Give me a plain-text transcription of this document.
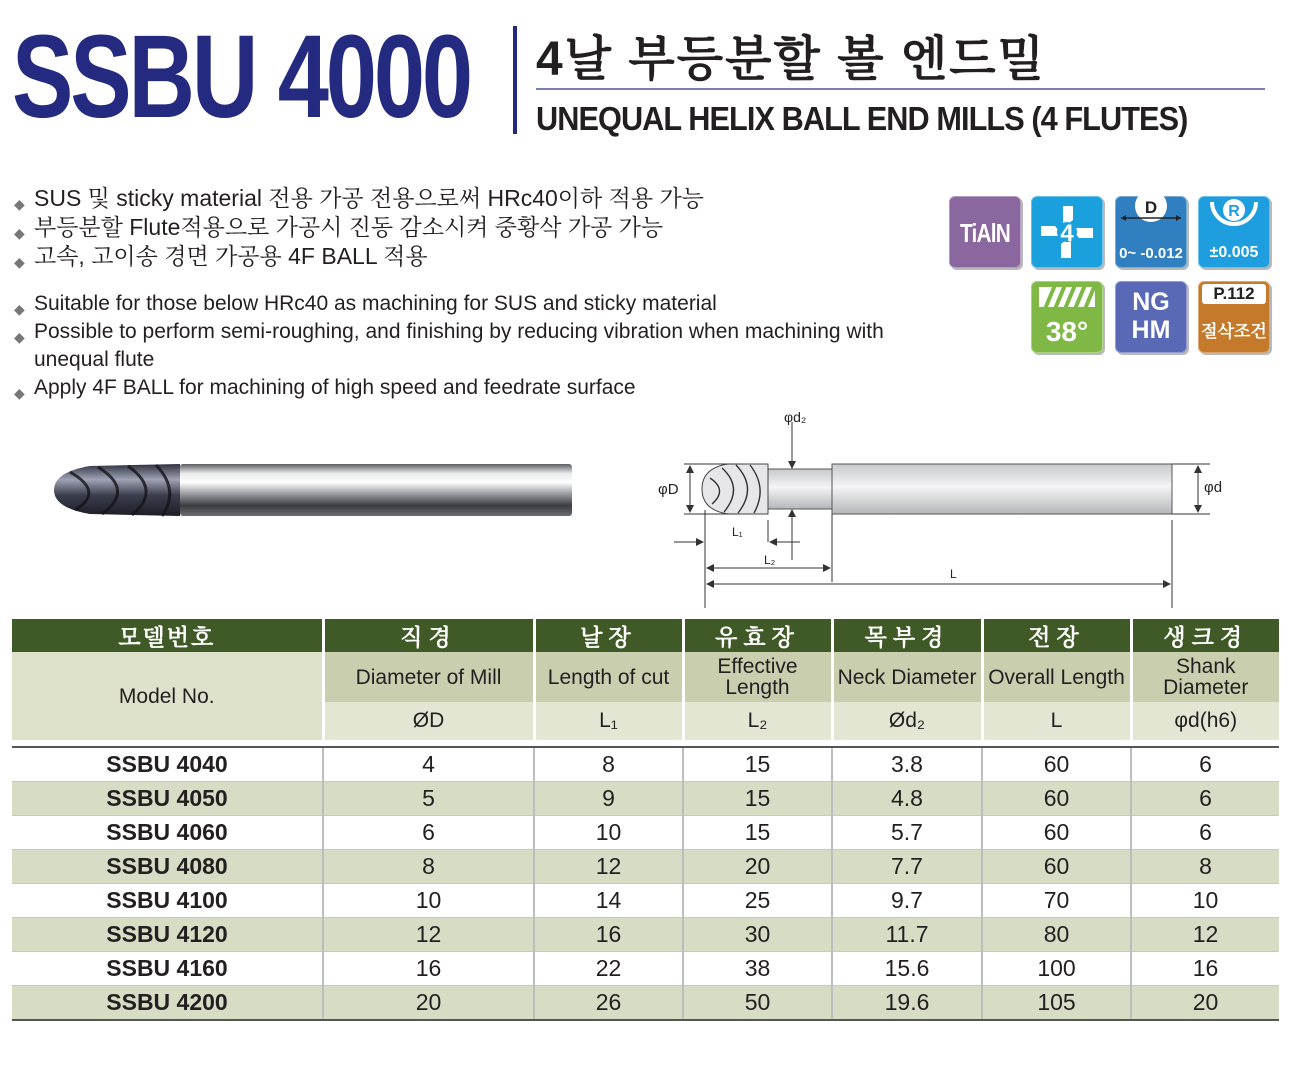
SSBU 4000 4날 부등분할 볼 엔드밀
UNEQUAL HELIX BALL END MILLS (4 FLUTES)
◆ SUS 및 sticky material 전용 가공 전용으로써 HRc40이하 적용 가능
◆ 부등분할 Flute적용으로 가공시 진동 감소시켜 중황삭 가공 가능
◆ 고속, 고이송 경면 가공용 4F BALL 적용
◆ Suitable for those below HRc40 as machining for SUS and sticky material
◆ Possible to perform semi-roughing, and finishing by reducing vibration when machining with unequal flute
◆ Apply 4F BALL for machining of high speed and feedrate surface
TiAlN 4
D
0~ -0.012
R
±0.005
38°
NG
HM
P.112
절삭조건
φd₂
φD	φd
L₁
L₂
L
모델번호	직경	날장	유효장	목부경	전장	생크경
Model No.	Diameter of Mill	Length of cut	Effective Length	Neck Diameter	Overall Length	Shank Diameter
	ØD	L₁	L₂	Ød₂	L	φd(h6)

SSBU 4040	4	8	15	3.8	60	6
SSBU 4050	5	9	15	4.8	60	6
SSBU 4060	6	10	15	5.7	60	6
SSBU 4080	8	12	20	7.7	60	8
SSBU 4100	10	14	25	9.7	70	10
SSBU 4120	12	16	30	11.7	80	12
SSBU 4160	16	22	38	15.6	100	16
SSBU 4200	20	26	50	19.6	105	20
